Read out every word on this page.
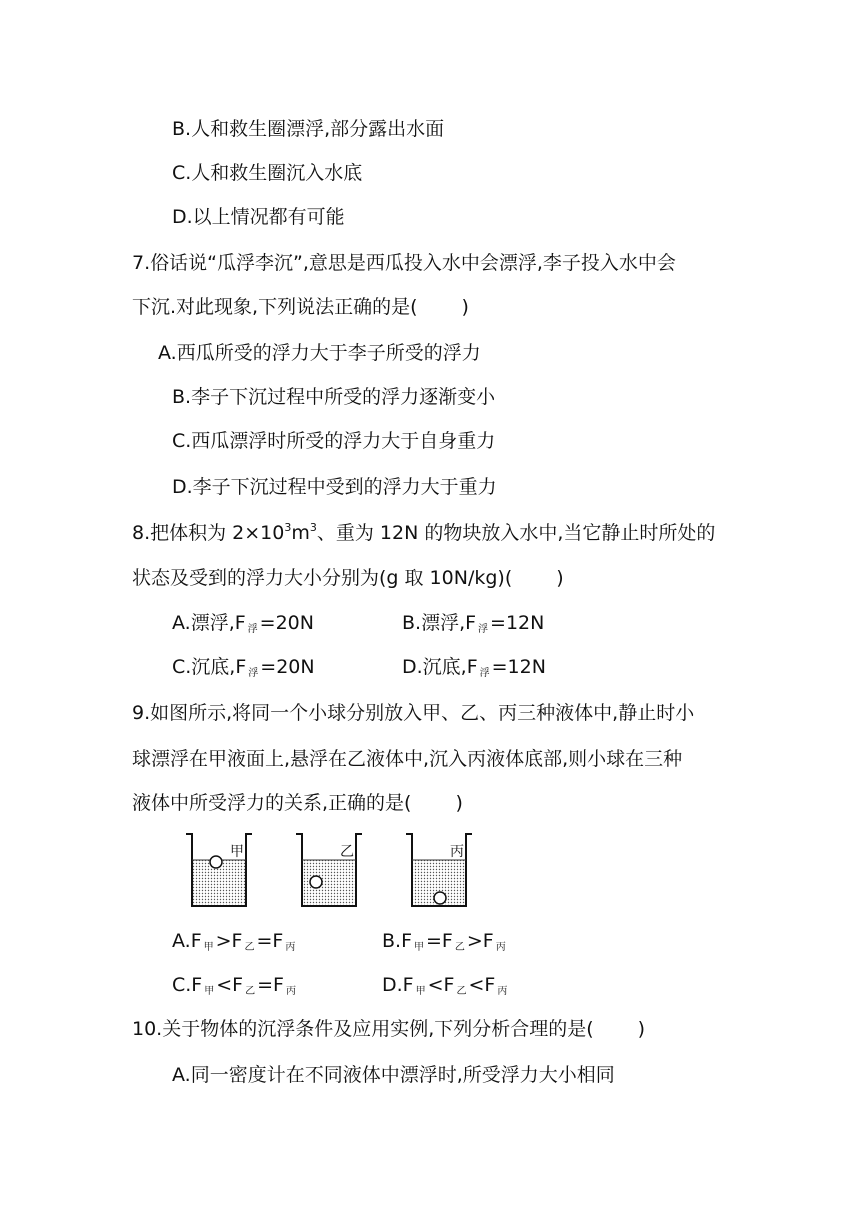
B.人和救生圈漂浮,部分露出水面
C.人和救生圈沉入水底
D.以上情况都有可能
7.俗话说“瓜浮李沉”,意思是西瓜投入水中会漂浮,李子投入水中会
下沉.对此现象,下列说法正确的是( )
A.西瓜所受的浮力大于李子所受的浮力
B.李子下沉过程中所受的浮力逐渐变小
C.西瓜漂浮时所受的浮力大于自身重力
D.李子下沉过程中受到的浮力大于重力
8.把体积为 $2\times 10^3m^3$、重为 12N 的物块放入水中,当它静止时所处的
状态及受到的浮力大小分别为(g 取 10N/kg)( )
A.漂浮,F 浮 =20N	B.漂浮,F 浮 =12N
C.沉底,F 浮 =20N	D.沉底,F 浮 =12N
9.如图所示,将同一个小球分别放入甲、乙、丙三种液体中,静止时小
球漂浮在甲液面上,悬浮在乙液体中,沉入丙液体底部,则小球在三种
液体中所受浮力的关系,正确的是( )
甲	乙	丙
A.F 甲 >F 乙 =F 丙	B.F 甲 =F 乙 >F 丙
C.F 甲 <F 乙 =F 丙	D.F 甲 <F 乙 <F 丙
10.关于物体的沉浮条件及应用实例,下列分析合理的是( )
A.同一密度计在不同液体中漂浮时,所受浮力大小相同
